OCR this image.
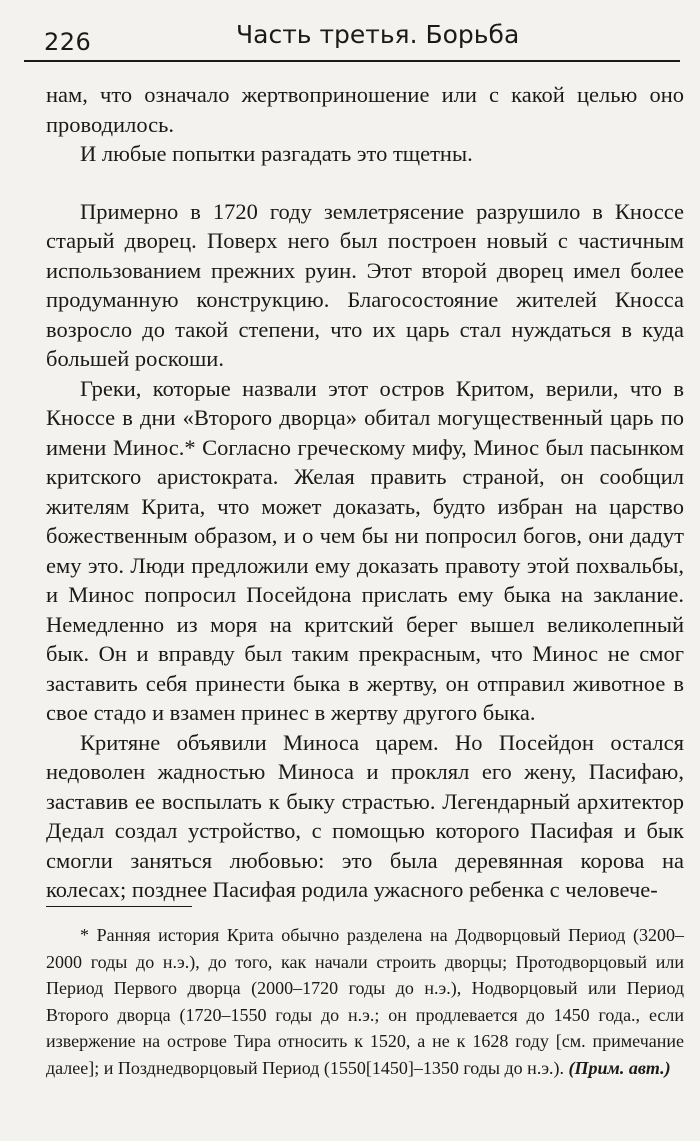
226	Часть третья. Борьба

нам, что означало жертвоприношение или с какой целью оно проводилось.

И любые попытки разгадать это тщетны.

Примерно в 1720 году землетрясение разрушило в Кноссе старый дворец. Поверх него был построен новый с частичным использованием прежних руин. Этот второй дворец имел более продуманную конструкцию. Благосостояние жителей Кносса возросло до такой степени, что их царь стал нуждаться в куда большей роскоши.

Греки, которые назвали этот остров Критом, верили, что в Кноссе в дни «Второго дворца» обитал могущественный царь по имени Минос.* Согласно греческому мифу, Минос был пасынком критского аристократа. Желая править страной, он сообщил жителям Крита, что может доказать, будто избран на царство божественным образом, и о чем бы ни попросил богов, они дадут ему это. Люди предложили ему доказать правоту этой похвальбы, и Минос попросил Посейдона прислать ему быка на заклание. Немедленно из моря на критский берег вышел великолепный бык. Он и вправду был таким прекрасным, что Минос не смог заставить себя принести быка в жертву, он отправил животное в свое стадо и взамен принес в жертву другого быка.

Критяне объявили Миноса царем. Но Посейдон остался недоволен жадностью Миноса и проклял его жену, Пасифаю, заставив ее воспылать к быку страстью. Легендарный архитектор Дедал создал устройство, с помощью которого Пасифая и бык смогли заняться любовью: это была деревянная корова на колесах; позднее Пасифая родила ужасного ребенка с человече-

* Ранняя история Крита обычно разделена на Додворцовый Период (3200–2000 годы до н.э.), до того, как начали строить дворцы; Протодворцовый или Период Первого дворца (2000–1720 годы до н.э.), Нодворцовый или Период Второго дворца (1720–1550 годы до н.э.; он продлевается до 1450 года., если извержение на острове Тира относить к 1520, а не к 1628 году [см. примечание далее]; и Позднедворцовый Период (1550[1450]–1350 годы до н.э.). (Прим. авт.)
